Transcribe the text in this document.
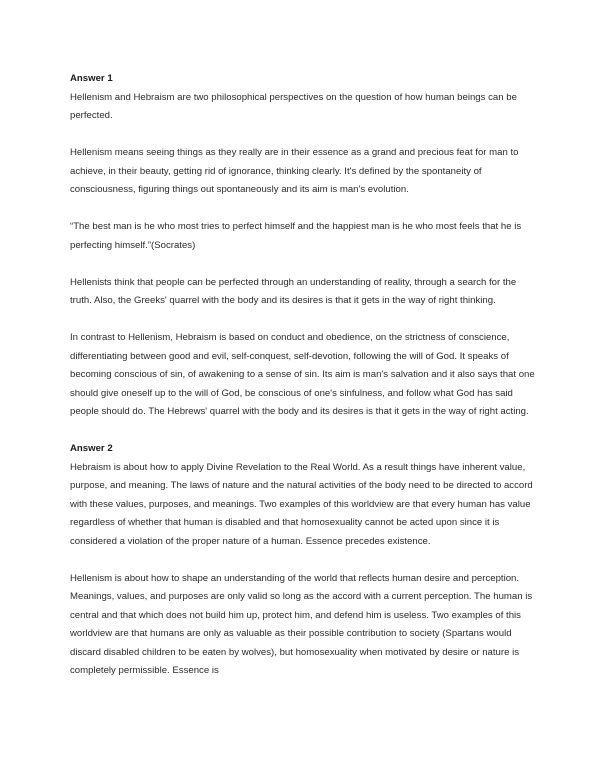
Answer 1

Hellenism and Hebraism are two philosophical perspectives on the question of how human beings can be perfected.

Hellenism means seeing things as they really are in their essence as a grand and precious feat for man to achieve, in their beauty, getting rid of ignorance, thinking clearly. It's defined by the spontaneity of consciousness, figuring things out spontaneously and its aim is man's evolution.

“The best man is he who most tries to perfect himself and the happiest man is he who most feels that he is perfecting himself.”(Socrates)

Hellenists think that people can be perfected through an understanding of reality, through a search for the truth. Also, the Greeks' quarrel with the body and its desires is that it gets in the way of right thinking.

In contrast to Hellenism, Hebraism is based on conduct and obedience, on the strictness of conscience, differentiating between good and evil, self-conquest, self-devotion, following the will of God. It speaks of becoming conscious of sin, of awakening to a sense of sin. Its aim is man's salvation and it also says that one should give oneself up to the will of God, be conscious of one's sinfulness, and follow what God has said people should do. The Hebrews' quarrel with the body and its desires is that it gets in the way of right acting.

Answer 2

Hebraism is about how to apply Divine Revelation to the Real World. As a result things have inherent value, purpose, and meaning. The laws of nature and the natural activities of the body need to be directed to accord with these values, purposes, and meanings. Two examples of this worldview are that every human has value regardless of whether that human is disabled and that homosexuality cannot be acted upon since it is considered a violation of the proper nature of a human. Essence precedes existence.

Hellenism is about how to shape an understanding of the world that reflects human desire and perception. Meanings, values, and purposes are only valid so long as the accord with a current perception. The human is central and that which does not build him up, protect him, and defend him is useless. Two examples of this worldview are that humans are only as valuable as their possible contribution to society (Spartans would discard disabled children to be eaten by wolves), but homosexuality when motivated by desire or nature is completely permissible. Essence is
